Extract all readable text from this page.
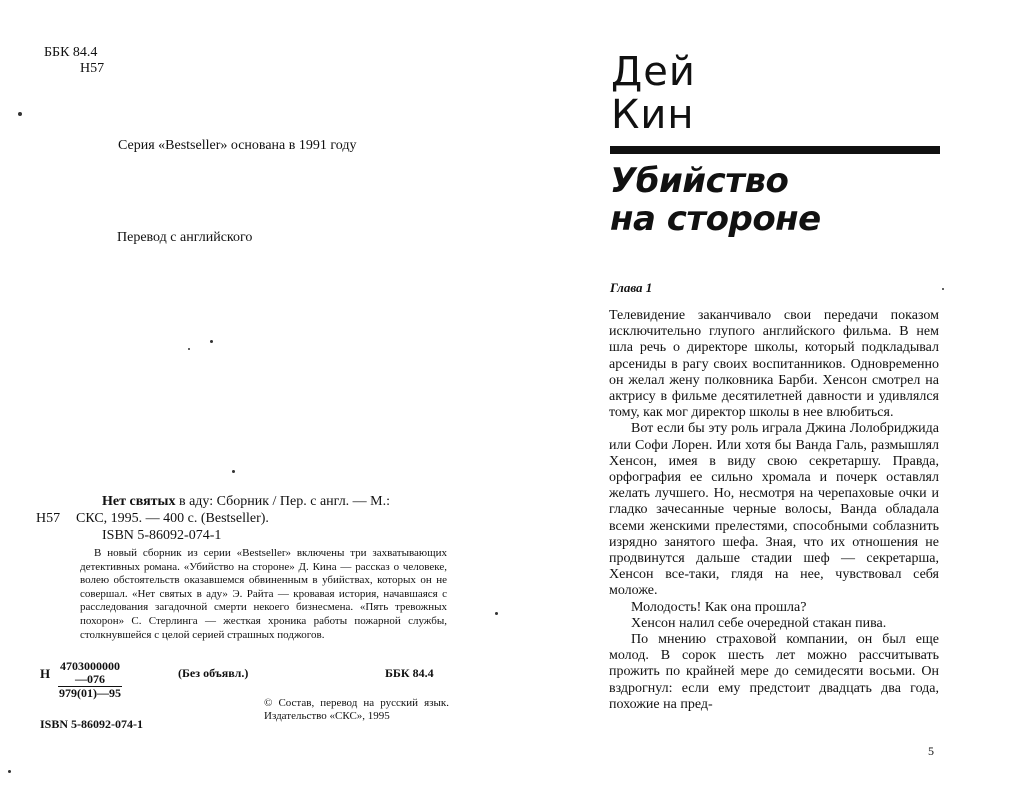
ББК 84.4
Н57
Серия «Bestseller» основана в 1991 году
Перевод с английского
Н57
Нет святых в аду: Сборник / Пер. с англ. — М.:
СКС, 1995. — 400 с. (Bestseller).
ISBN 5-86092-074-1
В новый сборник из серии «Bestseller» включены три захватывающих детективных романа. «Убийство на стороне» Д. Кина — рассказ о человеке, волею обстоятельств оказавшемся обвиненным в убийствах, которых он не совершал. «Нет святых в аду» Э. Райта — кровавая история, начавшаяся с расследования загадочной смерти некоего бизнесмена. «Пять тревожных похорон» С. Стерлинга — жесткая хроника работы пожарной службы, столкнувшейся с целой серией страшных поджогов.
Н $\frac{4703000000—076}{979(01)—95}$	(Без объявл.)	ББК 84.4
© Состав, перевод на русский язык. Издательство «СКС», 1995
ISBN 5-86092-074-1
Дей
Кин
Убийство
на стороне
Глава 1

Телевидение заканчивало свои передачи показом исключительно глупого английского фильма. В нем шла речь о директоре школы, который подкладывал арсениды в рагу своих воспитанников. Одновременно он желал жену полковника Барби. Хенсон смотрел на актрису в фильме десятилетней давности и удивлялся тому, как мог директор школы в нее влюбиться.

Вот если бы эту роль играла Джина Лолобриджида или Софи Лорен. Или хотя бы Ванда Галь, размышлял Хенсон, имея в виду свою секретаршу. Правда, орфография ее сильно хромала и почерк оставлял желать лучшего. Но, несмотря на черепаховые очки и гладко зачесанные черные волосы, Ванда обладала всеми женскими прелестями, способными соблазнить изрядно занятого шефа. Зная, что их отношения не продвинутся дальше стадии шеф — секретарша, Хенсон все-таки, глядя на нее, чувствовал себя моложе.

Молодость! Как она прошла?

Хенсон налил себе очередной стакан пива.

По мнению страховой компании, он был еще молод. В сорок шесть лет можно рассчитывать прожить по крайней мере до семидесяти восьми. Он вздрогнул: если ему предстоит двадцать два года, похожие на пред-

5
